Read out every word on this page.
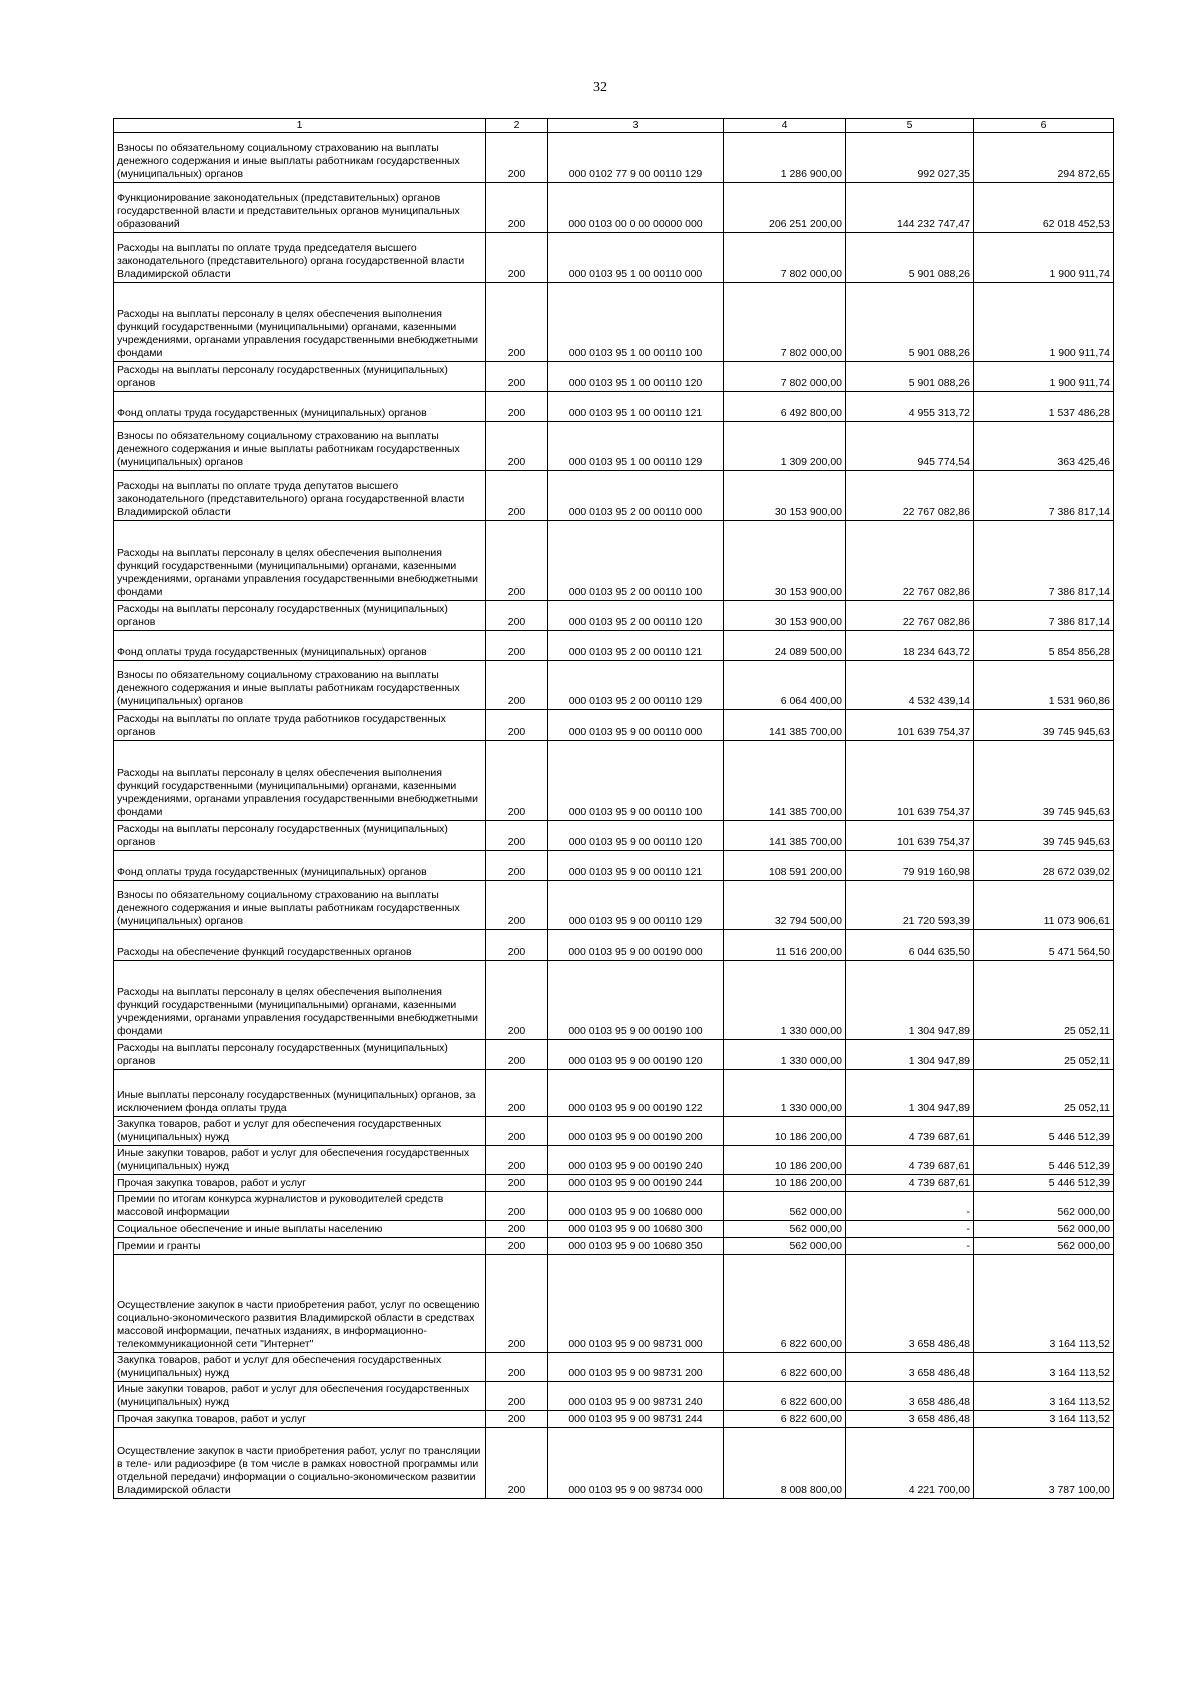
32
1	2	3	4	5	6
Взносы по обязательному социальному страхованию на выплаты денежного содержания и иные выплаты работникам государственных (муниципальных) органов	200	000 0102 77 9 00 00110 129	1 286 900,00	992 027,35	294 872,65
Функционирование законодательных (представительных) органов государственной власти и представительных органов муниципальных образований	200	000 0103 00 0 00 00000 000	206 251 200,00	144 232 747,47	62 018 452,53
Расходы на выплаты по оплате труда председателя высшего законодательного (представительного) органа государственной власти Владимирской области	200	000 0103 95 1 00 00110 000	7 802 000,00	5 901 088,26	1 900 911,74
Расходы на выплаты персоналу в целях обеспечения выполнения функций государственными (муниципальными) органами, казенными учреждениями, органами управления государственными внебюджетными фондами	200	000 0103 95 1 00 00110 100	7 802 000,00	5 901 088,26	1 900 911,74
Расходы на выплаты персоналу государственных (муниципальных) органов	200	000 0103 95 1 00 00110 120	7 802 000,00	5 901 088,26	1 900 911,74
Фонд оплаты труда государственных (муниципальных) органов	200	000 0103 95 1 00 00110 121	6 492 800,00	4 955 313,72	1 537 486,28
Взносы по обязательному социальному страхованию на выплаты денежного содержания и иные выплаты работникам государственных (муниципальных) органов	200	000 0103 95 1 00 00110 129	1 309 200,00	945 774,54	363 425,46
Расходы на выплаты по оплате труда депутатов высшего законодательного (представительного) органа государственной власти Владимирской области	200	000 0103 95 2 00 00110 000	30 153 900,00	22 767 082,86	7 386 817,14
Расходы на выплаты персоналу в целях обеспечения выполнения функций государственными (муниципальными) органами, казенными учреждениями, органами управления государственными внебюджетными фондами	200	000 0103 95 2 00 00110 100	30 153 900,00	22 767 082,86	7 386 817,14
Расходы на выплаты персоналу государственных (муниципальных) органов	200	000 0103 95 2 00 00110 120	30 153 900,00	22 767 082,86	7 386 817,14
Фонд оплаты труда государственных (муниципальных) органов	200	000 0103 95 2 00 00110 121	24 089 500,00	18 234 643,72	5 854 856,28
Взносы по обязательному социальному страхованию на выплаты денежного содержания и иные выплаты работникам государственных (муниципальных) органов	200	000 0103 95 2 00 00110 129	6 064 400,00	4 532 439,14	1 531 960,86
Расходы на выплаты по оплате труда работников государственных органов	200	000 0103 95 9 00 00110 000	141 385 700,00	101 639 754,37	39 745 945,63
Расходы на выплаты персоналу в целях обеспечения выполнения функций государственными (муниципальными) органами, казенными учреждениями, органами управления государственными внебюджетными фондами	200	000 0103 95 9 00 00110 100	141 385 700,00	101 639 754,37	39 745 945,63
Расходы на выплаты персоналу государственных (муниципальных) органов	200	000 0103 95 9 00 00110 120	141 385 700,00	101 639 754,37	39 745 945,63
Фонд оплаты труда государственных (муниципальных) органов	200	000 0103 95 9 00 00110 121	108 591 200,00	79 919 160,98	28 672 039,02
Взносы по обязательному социальному страхованию на выплаты денежного содержания и иные выплаты работникам государственных (муниципальных) органов	200	000 0103 95 9 00 00110 129	32 794 500,00	21 720 593,39	11 073 906,61
Расходы на обеспечение функций государственных органов	200	000 0103 95 9 00 00190 000	11 516 200,00	6 044 635,50	5 471 564,50
Расходы на выплаты персоналу в целях обеспечения выполнения функций государственными (муниципальными) органами, казенными учреждениями, органами управления государственными внебюджетными фондами	200	000 0103 95 9 00 00190 100	1 330 000,00	1 304 947,89	25 052,11
Расходы на выплаты персоналу государственных (муниципальных) органов	200	000 0103 95 9 00 00190 120	1 330 000,00	1 304 947,89	25 052,11
Иные выплаты персоналу государственных (муниципальных) органов, за исключением фонда оплаты труда	200	000 0103 95 9 00 00190 122	1 330 000,00	1 304 947,89	25 052,11
Закупка товаров, работ и услуг для обеспечения государственных (муниципальных) нужд	200	000 0103 95 9 00 00190 200	10 186 200,00	4 739 687,61	5 446 512,39
Иные закупки товаров, работ и услуг для обеспечения государственных (муниципальных) нужд	200	000 0103 95 9 00 00190 240	10 186 200,00	4 739 687,61	5 446 512,39
Прочая закупка товаров, работ и услуг	200	000 0103 95 9 00 00190 244	10 186 200,00	4 739 687,61	5 446 512,39
Премии по итогам конкурса журналистов и руководителей средств массовой информации	200	000 0103 95 9 00 10680 000	562 000,00	-	562 000,00
Социальное обеспечение и иные выплаты населению	200	000 0103 95 9 00 10680 300	562 000,00	-	562 000,00
Премии и гранты	200	000 0103 95 9 00 10680 350	562 000,00	-	562 000,00
Осуществление закупок в части приобретения работ, услуг по освещению социально-экономического развития Владимирской области в средствах массовой информации, печатных изданиях, в информационно-телекоммуникационной сети "Интернет"	200	000 0103 95 9 00 98731 000	6 822 600,00	3 658 486,48	3 164 113,52
Закупка товаров, работ и услуг для обеспечения государственных (муниципальных) нужд	200	000 0103 95 9 00 98731 200	6 822 600,00	3 658 486,48	3 164 113,52
Иные закупки товаров, работ и услуг для обеспечения государственных (муниципальных) нужд	200	000 0103 95 9 00 98731 240	6 822 600,00	3 658 486,48	3 164 113,52
Прочая закупка товаров, работ и услуг	200	000 0103 95 9 00 98731 244	6 822 600,00	3 658 486,48	3 164 113,52
Осуществление закупок в части приобретения работ, услуг по трансляции в теле- или радиоэфире (в том числе в рамках новостной программы или отдельной передачи) информации о социально-экономическом развитии Владимирской области	200	000 0103 95 9 00 98734 000	8 008 800,00	4 221 700,00	3 787 100,00
